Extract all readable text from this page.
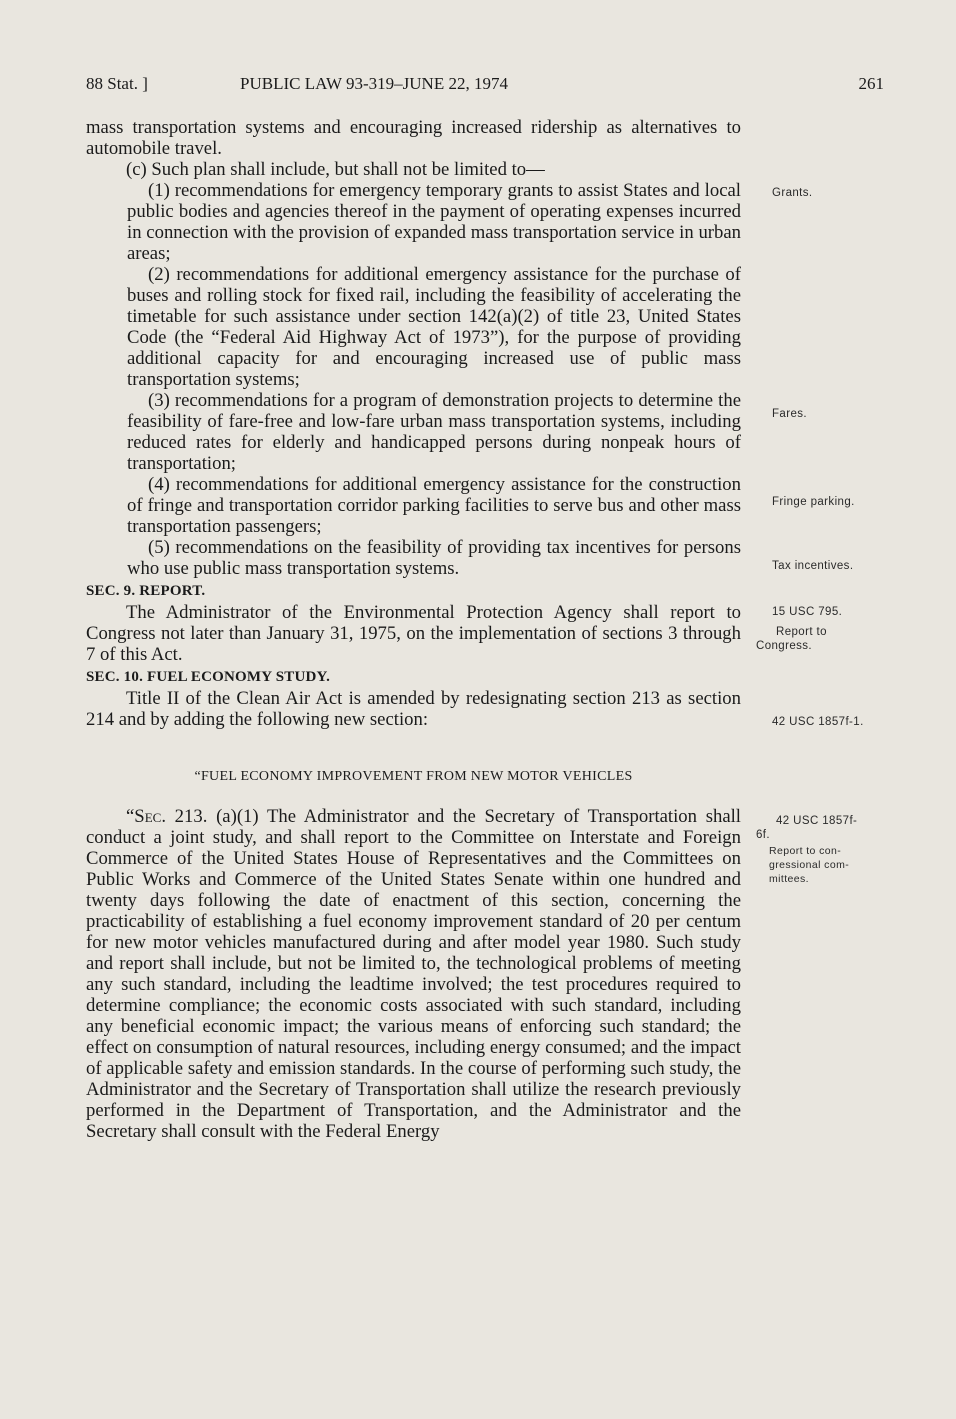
88 Stat. ]	PUBLIC LAW 93-319–JUNE 22, 1974	261

mass transportation systems and encouraging increased ridership as alternatives to automobile travel.

(c) Such plan shall include, but shall not be limited to—

(1) recommendations for emergency temporary grants to assist States and local public bodies and agencies thereof in the payment of operating expenses incurred in connection with the provision of expanded mass transportation service in urban areas;

(2) recommendations for additional emergency assistance for the purchase of buses and rolling stock for fixed rail, including the feasibility of accelerating the timetable for such assistance under section 142(a)(2) of title 23, United States Code (the “Federal Aid Highway Act of 1973”), for the purpose of providing additional capacity for and encouraging increased use of public mass transportation systems;

(3) recommendations for a program of demonstration projects to determine the feasibility of fare-free and low-fare urban mass transportation systems, including reduced rates for elderly and handicapped persons during nonpeak hours of transportation;

(4) recommendations for additional emergency assistance for the construction of fringe and transportation corridor parking facilities to serve bus and other mass transportation passengers;

(5) recommendations on the feasibility of providing tax incentives for persons who use public mass transportation systems.

SEC. 9. REPORT.

The Administrator of the Environmental Protection Agency shall report to Congress not later than January 31, 1975, on the implementation of sections 3 through 7 of this Act.

SEC. 10. FUEL ECONOMY STUDY.

Title II of the Clean Air Act is amended by redesignating section 213 as section 214 and by adding the following new section:

“FUEL ECONOMY IMPROVEMENT FROM NEW MOTOR VEHICLES

“Sec. 213. (a)(1) The Administrator and the Secretary of Transportation shall conduct a joint study, and shall report to the Committee on Interstate and Foreign Commerce of the United States House of Representatives and the Committees on Public Works and Commerce of the United States Senate within one hundred and twenty days following the date of enactment of this section, concerning the practicability of establishing a fuel economy improvement standard of 20 per centum for new motor vehicles manufactured during and after model year 1980. Such study and report shall include, but not be limited to, the technological problems of meeting any such standard, including the leadtime involved; the test procedures required to determine compliance; the economic costs associated with such standard, including any beneficial economic impact; the various means of enforcing such standard; the effect on consumption of natural resources, including energy consumed; and the impact of applicable safety and emission standards. In the course of performing such study, the Administrator and the Secretary of Transportation shall utilize the research previously performed in the Department of Transportation, and the Administrator and the Secretary shall consult with the Federal Energy

Grants.
Fares.
Fringe parking.
Tax incentives.
15 USC 795.
Report to
Congress.
42 USC 1857f-1.
42 USC 1857f-
6f.
Report to con-
gressional com-
mittees.
